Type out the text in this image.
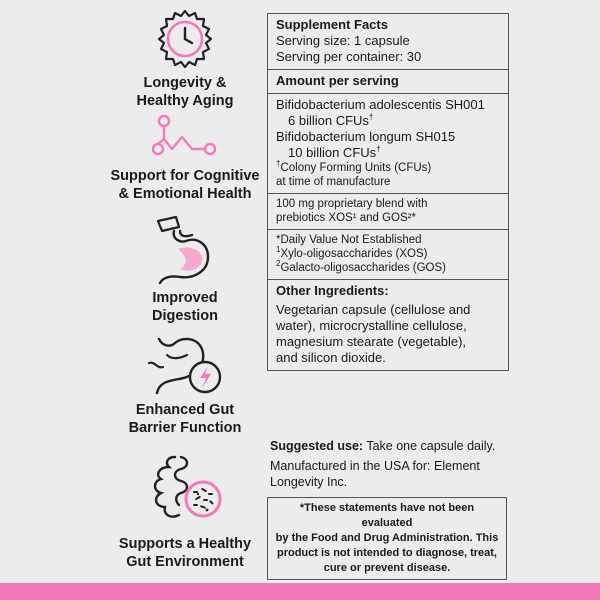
Longevity &
Healthy Aging
Support for Cognitive
& Emotional Health
Improved
Digestion
Enhanced Gut
Barrier Function
Supports a Healthy
Gut Environment
Supplement Facts
Serving size: 1 capsule
Serving per container: 30
Amount per serving
Bifidobacterium adolescentis SH001
6 billion CFUs†
Bifidobacterium longum SH015
10 billion CFUs†
†Colony Forming Units (CFUs)
at time of manufacture
100 mg proprietary blend with
prebiotics XOS¹ and GOS²*
*Daily Value Not Established
$^1$Xylo-oligosaccharides (XOS)
$^2$Galacto-oligosaccharides (GOS)
Other Ingredients:
Vegetarian capsule (cellulose and
water), microcrystalline cellulose,
magnesium stearate (vegetable),
and silicon dioxide.

Suggested use: Take one capsule daily.

Manufactured in the USA for: Element
Longevity Inc.
*These statements have not been evaluated
by the Food and Drug Administration. This
product is not intended to diagnose, treat,
cure or prevent disease.
